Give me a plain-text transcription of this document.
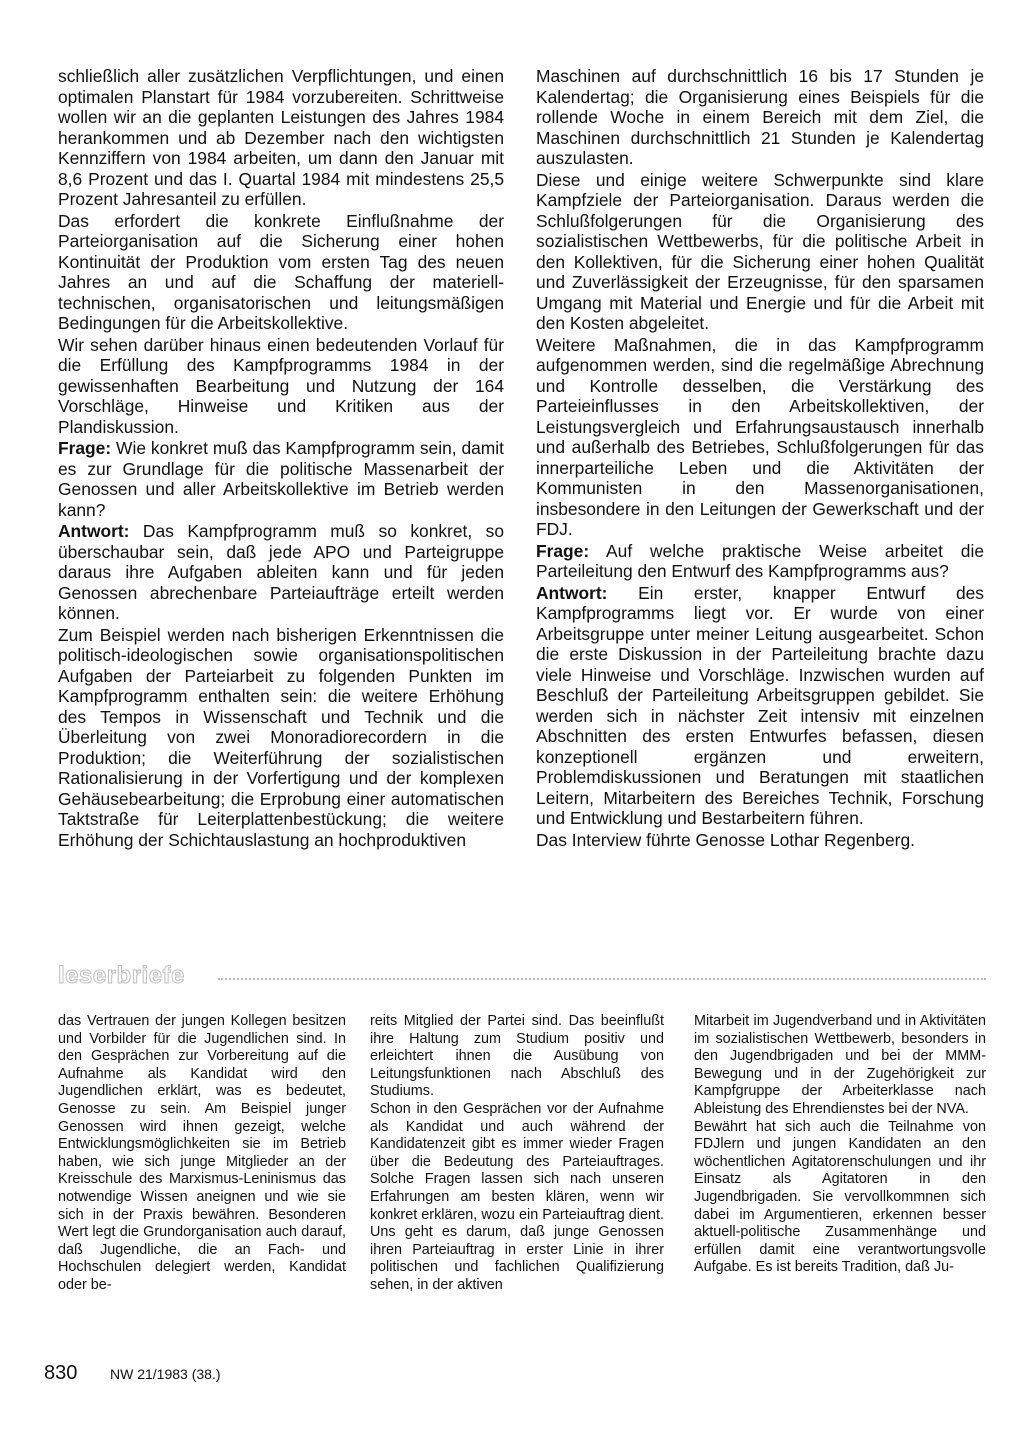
schließlich aller zusätzlichen Verpflichtungen, und einen optimalen Planstart für 1984 vorzubereiten. Schrittweise wollen wir an die geplanten Leistungen des Jahres 1984 herankommen und ab Dezember nach den wichtigsten Kennziffern von 1984 arbeiten, um dann den Januar mit 8,6 Prozent und das I. Quartal 1984 mit mindestens 25,5 Prozent Jahresanteil zu erfüllen.

Das erfordert die konkrete Einflußnahme der Parteiorganisation auf die Sicherung einer hohen Kontinuität der Produktion vom ersten Tag des neuen Jahres an und auf die Schaffung der materiell-technischen, organisatorischen und leitungsmäßigen Bedingungen für die Arbeitskollektive.

Wir sehen darüber hinaus einen bedeutenden Vorlauf für die Erfüllung des Kampfprogramms 1984 in der gewissenhaften Bearbeitung und Nutzung der 164 Vorschläge, Hinweise und Kritiken aus der Plandiskussion.

Frage: Wie konkret muß das Kampfprogramm sein, damit es zur Grundlage für die politische Massenarbeit der Genossen und aller Arbeitskollektive im Betrieb werden kann?

Antwort: Das Kampfprogramm muß so konkret, so überschaubar sein, daß jede APO und Parteigruppe daraus ihre Aufgaben ableiten kann und für jeden Genossen abrechenbare Parteiaufträge erteilt werden können.

Zum Beispiel werden nach bisherigen Erkenntnissen die politisch-ideologischen sowie organisationspolitischen Aufgaben der Parteiarbeit zu folgenden Punkten im Kampfprogramm enthalten sein: die weitere Erhöhung des Tempos in Wissenschaft und Technik und die Überleitung von zwei Monoradiorecordern in die Produktion; die Weiterführung der sozialistischen Rationalisierung in der Vorfertigung und der komplexen Gehäusebearbeitung; die Erprobung einer automatischen Taktstraße für Leiterplattenbestückung; die weitere Erhöhung der Schichtauslastung an hochproduktiven

Maschinen auf durchschnittlich 16 bis 17 Stunden je Kalendertag; die Organisierung eines Beispiels für die rollende Woche in einem Bereich mit dem Ziel, die Maschinen durchschnittlich 21 Stunden je Kalendertag auszulasten.

Diese und einige weitere Schwerpunkte sind klare Kampfziele der Parteiorganisation. Daraus werden die Schlußfolgerungen für die Organisierung des sozialistischen Wettbewerbs, für die politische Arbeit in den Kollektiven, für die Sicherung einer hohen Qualität und Zuverlässigkeit der Erzeugnisse, für den sparsamen Umgang mit Material und Energie und für die Arbeit mit den Kosten abgeleitet.

Weitere Maßnahmen, die in das Kampfprogramm aufgenommen werden, sind die regelmäßige Abrechnung und Kontrolle desselben, die Verstärkung des Parteieinflusses in den Arbeitskollektiven, der Leistungsvergleich und Erfahrungsaustausch innerhalb und außerhalb des Betriebes, Schlußfolgerungen für das innerparteiliche Leben und die Aktivitäten der Kommunisten in den Massenorganisationen, insbesondere in den Leitungen der Gewerkschaft und der FDJ.

Frage: Auf welche praktische Weise arbeitet die Parteileitung den Entwurf des Kampfprogramms aus?

Antwort: Ein erster, knapper Entwurf des Kampfprogramms liegt vor. Er wurde von einer Arbeitsgruppe unter meiner Leitung ausgearbeitet. Schon die erste Diskussion in der Parteileitung brachte dazu viele Hinweise und Vorschläge. Inzwischen wurden auf Beschluß der Parteileitung Arbeitsgruppen gebildet. Sie werden sich in nächster Zeit intensiv mit einzelnen Abschnitten des ersten Entwurfes befassen, diesen konzeptionell ergänzen und erweitern, Problemdiskussionen und Beratungen mit staatlichen Leitern, Mitarbeitern des Bereiches Technik, Forschung und Entwicklung und Bestarbeitern führen.

Das Interview führte Genosse Lothar Regenberg.

leserbriefe

das Vertrauen der jungen Kollegen besitzen und Vorbilder für die Jugendlichen sind. In den Gesprächen zur Vorbereitung auf die Aufnahme als Kandidat wird den Jugendlichen erklärt, was es bedeutet, Genosse zu sein. Am Beispiel junger Genossen wird ihnen gezeigt, welche Entwicklungsmöglichkeiten sie im Betrieb haben, wie sich junge Mitglieder an der Kreisschule des Marxismus-Leninismus das notwendige Wissen aneignen und wie sie sich in der Praxis bewähren. Besonderen Wert legt die Grundorganisation auch darauf, daß Jugendliche, die an Fach- und Hochschulen delegiert werden, Kandidat oder be-

reits Mitglied der Partei sind. Das beeinflußt ihre Haltung zum Studium positiv und erleichtert ihnen die Ausübung von Leitungsfunktionen nach Abschluß des Studiums.

Schon in den Gesprächen vor der Aufnahme als Kandidat und auch während der Kandidatenzeit gibt es immer wieder Fragen über die Bedeutung des Parteiauftrages. Solche Fragen lassen sich nach unseren Erfahrungen am besten klären, wenn wir konkret erklären, wozu ein Parteiauftrag dient. Uns geht es darum, daß junge Genossen ihren Parteiauftrag in erster Linie in ihrer politischen und fachlichen Qualifizierung sehen, in der aktiven

Mitarbeit im Jugendverband und in Aktivitäten im sozialistischen Wettbewerb, besonders in den Jugendbrigaden und bei der MMM-Bewegung und in der Zugehörigkeit zur Kampfgruppe der Arbeiterklasse nach Ableistung des Ehrendienstes bei der NVA.

Bewährt hat sich auch die Teilnahme von FDJlern und jungen Kandidaten an den wöchentlichen Agitatorenschulungen und ihr Einsatz als Agitatoren in den Jugendbrigaden. Sie vervollkommnen sich dabei im Argumentieren, erkennen besser aktuell-politische Zusammenhänge und erfüllen damit eine verantwortungsvolle Aufgabe. Es ist bereits Tradition, daß Ju-

830 NW 21/1983 (38.)
